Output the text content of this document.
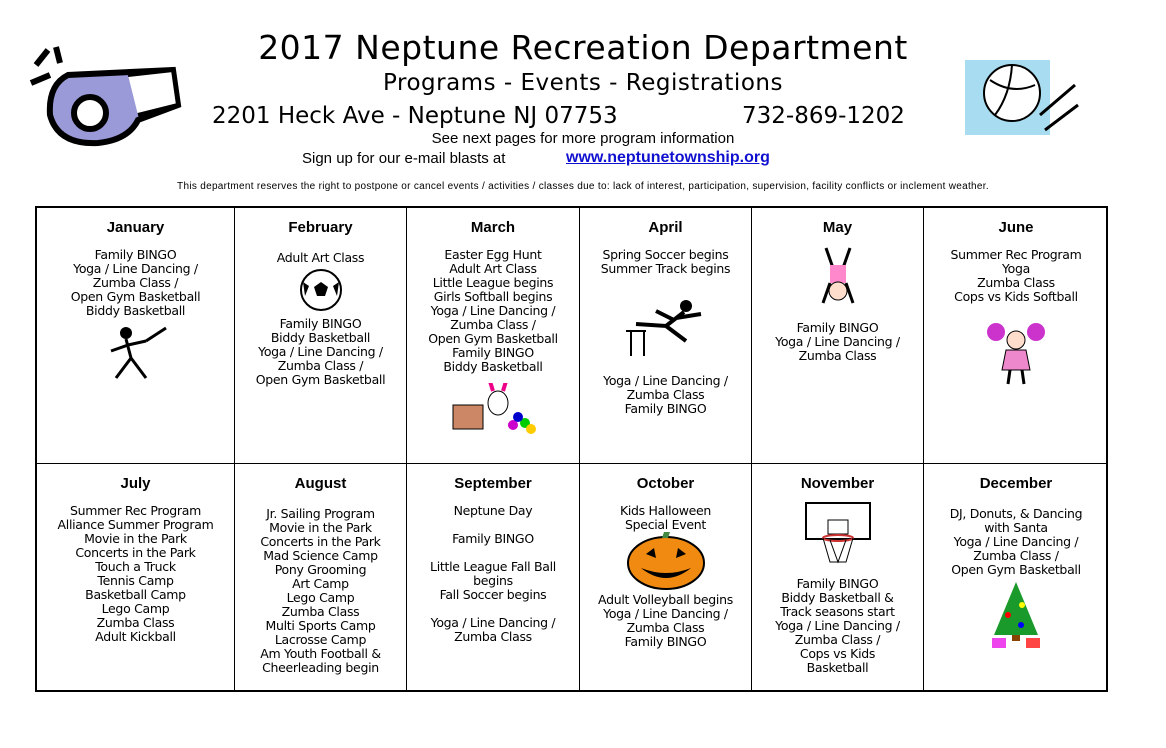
2017 Neptune Recreation Department
Programs - Events - Registrations
2201 Heck Ave - Neptune NJ 07753	732-869-1202
See next pages for more program information
Sign up for our e-mail blasts at	www.neptunetownship.org
This department reserves the right to postpone or cancel events / activities / classes due to: lack of interest, participation, supervision, facility conflicts or inclement weather.
January
Family BINGO
Yoga / Line Dancing /
Zumba Class /
Open Gym Basketball
Biddy Basketball
February
Adult Art Class
Family BINGO
Biddy Basketball
Yoga / Line Dancing /
Zumba Class /
Open Gym Basketball
March
Easter Egg Hunt
Adult Art Class
Little League begins
Girls Softball begins
Yoga / Line Dancing /
Zumba Class /
Open Gym Basketball
Family BINGO
Biddy Basketball
April
Spring Soccer begins
Summer Track begins
Yoga / Line Dancing /
Zumba Class
Family BINGO
May
Family BINGO
Yoga / Line Dancing /
Zumba Class
June
Summer Rec Program
Yoga
Zumba Class
Cops vs Kids Softball
July
Summer Rec Program
Alliance Summer Program
Movie in the Park
Concerts in the Park
Touch a Truck
Tennis Camp
Basketball Camp
Lego Camp
Zumba Class
Adult Kickball
August
Jr. Sailing Program
Movie in the Park
Concerts in the Park
Mad Science Camp
Pony Grooming
Art Camp
Lego Camp
Zumba Class
Multi Sports Camp
Lacrosse Camp
Am Youth Football &
Cheerleading begin
September
Neptune Day
Family BINGO
Little League Fall Ball
begins
Fall Soccer begins
Yoga / Line Dancing /
Zumba Class
October
Kids Halloween
Special Event
Adult Volleyball begins
Yoga / Line Dancing /
Zumba Class
Family BINGO
November
Family BINGO
Biddy Basketball &
Track seasons start
Yoga / Line Dancing /
Zumba Class /
Cops vs Kids
Basketball
December
DJ, Donuts, & Dancing
with Santa
Yoga / Line Dancing /
Zumba Class /
Open Gym Basketball
